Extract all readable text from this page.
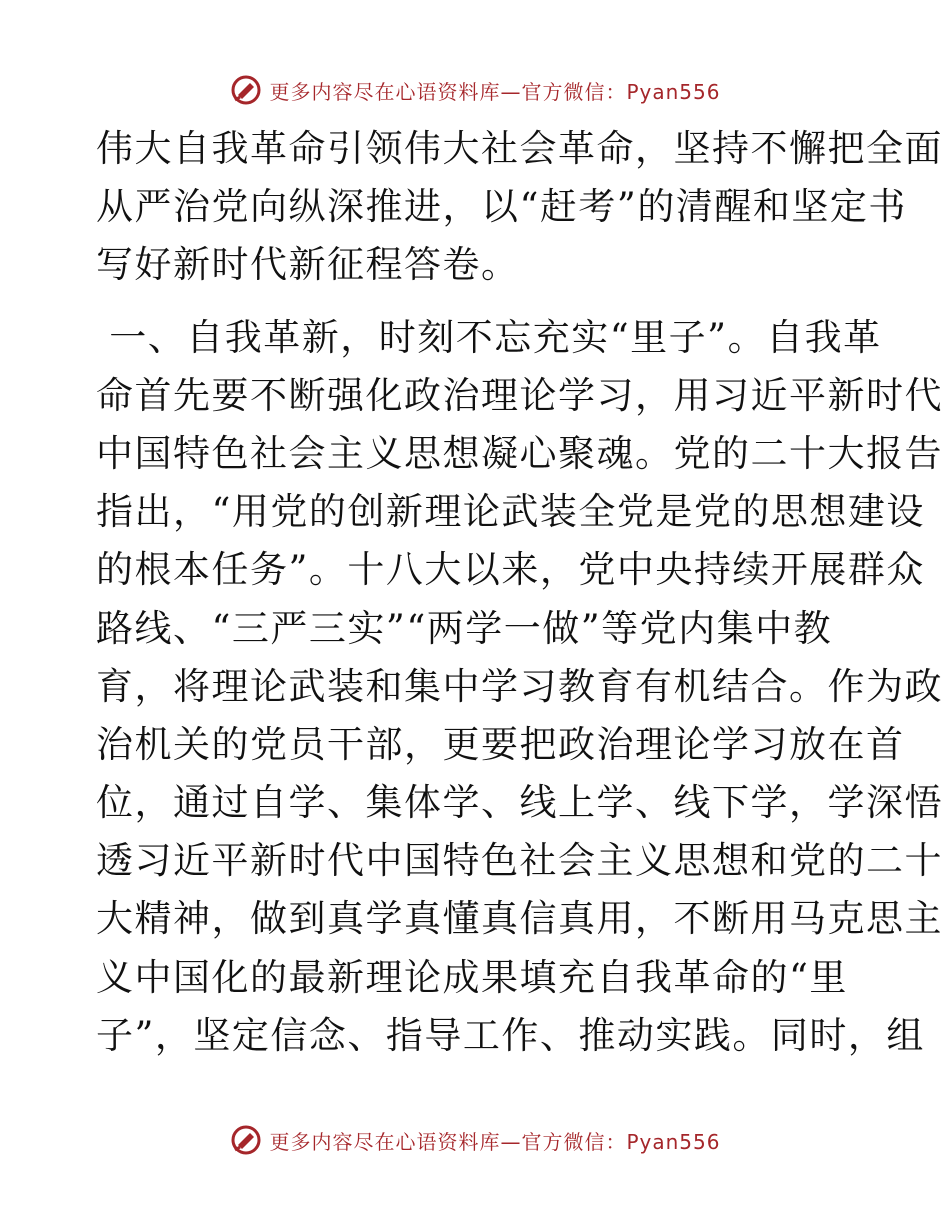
更多内容尽在心语资料库—官方微信：Pyan556
伟大自我革命引领伟大社会革命，坚持不懈把全面
从严治党向纵深推进，以“赶考”的清醒和坚定书
写好新时代新征程答卷。
一、自我革新，时刻不忘充实“里子”。自我革
命首先要不断强化政治理论学习，用习近平新时代
中国特色社会主义思想凝心聚魂。党的二十大报告
指出，“用党的创新理论武装全党是党的思想建设
的根本任务”。十八大以来，党中央持续开展群众
路线、“三严三实”“两学一做”等党内集中教
育，将理论武装和集中学习教育有机结合。作为政
治机关的党员干部，更要把政治理论学习放在首
位，通过自学、集体学、线上学、线下学，学深悟
透习近平新时代中国特色社会主义思想和党的二十
大精神，做到真学真懂真信真用，不断用马克思主
义中国化的最新理论成果填充自我革命的“里
子”，坚定信念、指导工作、推动实践。同时，组
更多内容尽在心语资料库—官方微信：Pyan556
